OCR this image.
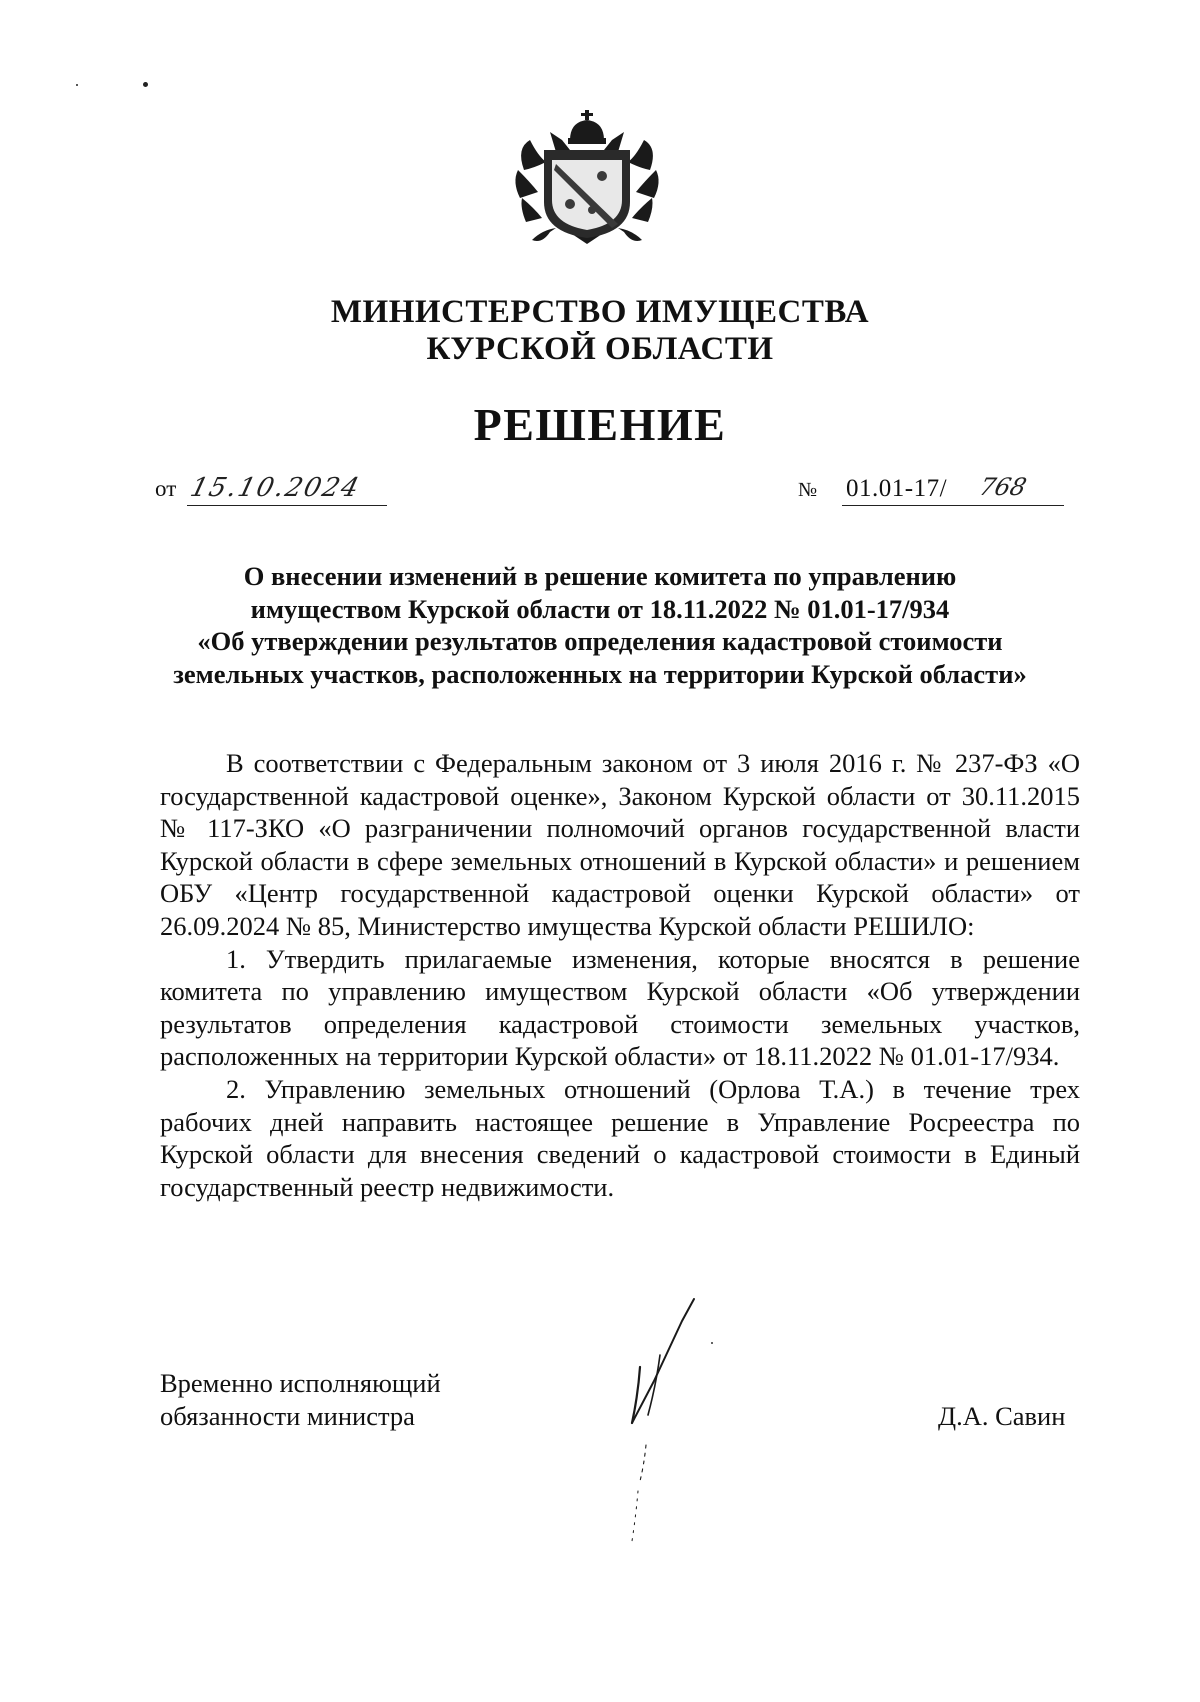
МИНИСТЕРСТВО ИМУЩЕСТВА
КУРСКОЙ ОБЛАСТИ
РЕШЕНИЕ
от 15.10.2024	№ 01.01-17/ 768
О внесении изменений в решение комитета по управлению
имуществом Курской области от 18.11.2022 № 01.01-17/934
«Об утверждении результатов определения кадастровой стоимости
земельных участков, расположенных на территории Курской области»

В соответствии с Федеральным законом от 3 июля 2016 г. № 237-ФЗ «О государственной кадастровой оценке», Законом Курской области от 30.11.2015 № 117-ЗКО «О разграничении полномочий органов государственной власти Курской области в сфере земельных отношений в Курской области» и решением ОБУ «Центр государственной кадастровой оценки Курской области» от 26.09.2024 № 85, Министерство имущества Курской области РЕШИЛО:

1. Утвердить прилагаемые изменения, которые вносятся в решение комитета по управлению имуществом Курской области «Об утверждении результатов определения кадастровой стоимости земельных участков, расположенных на территории Курской области» от 18.11.2022 № 01.01-17/934.

2. Управлению земельных отношений (Орлова Т.А.) в течение трех рабочих дней направить настоящее решение в Управление Росреестра по Курской области для внесения сведений о кадастровой стоимости в Единый государственный реестр недвижимости.

Временно исполняющий
обязанности министра	Д.А. Савин
